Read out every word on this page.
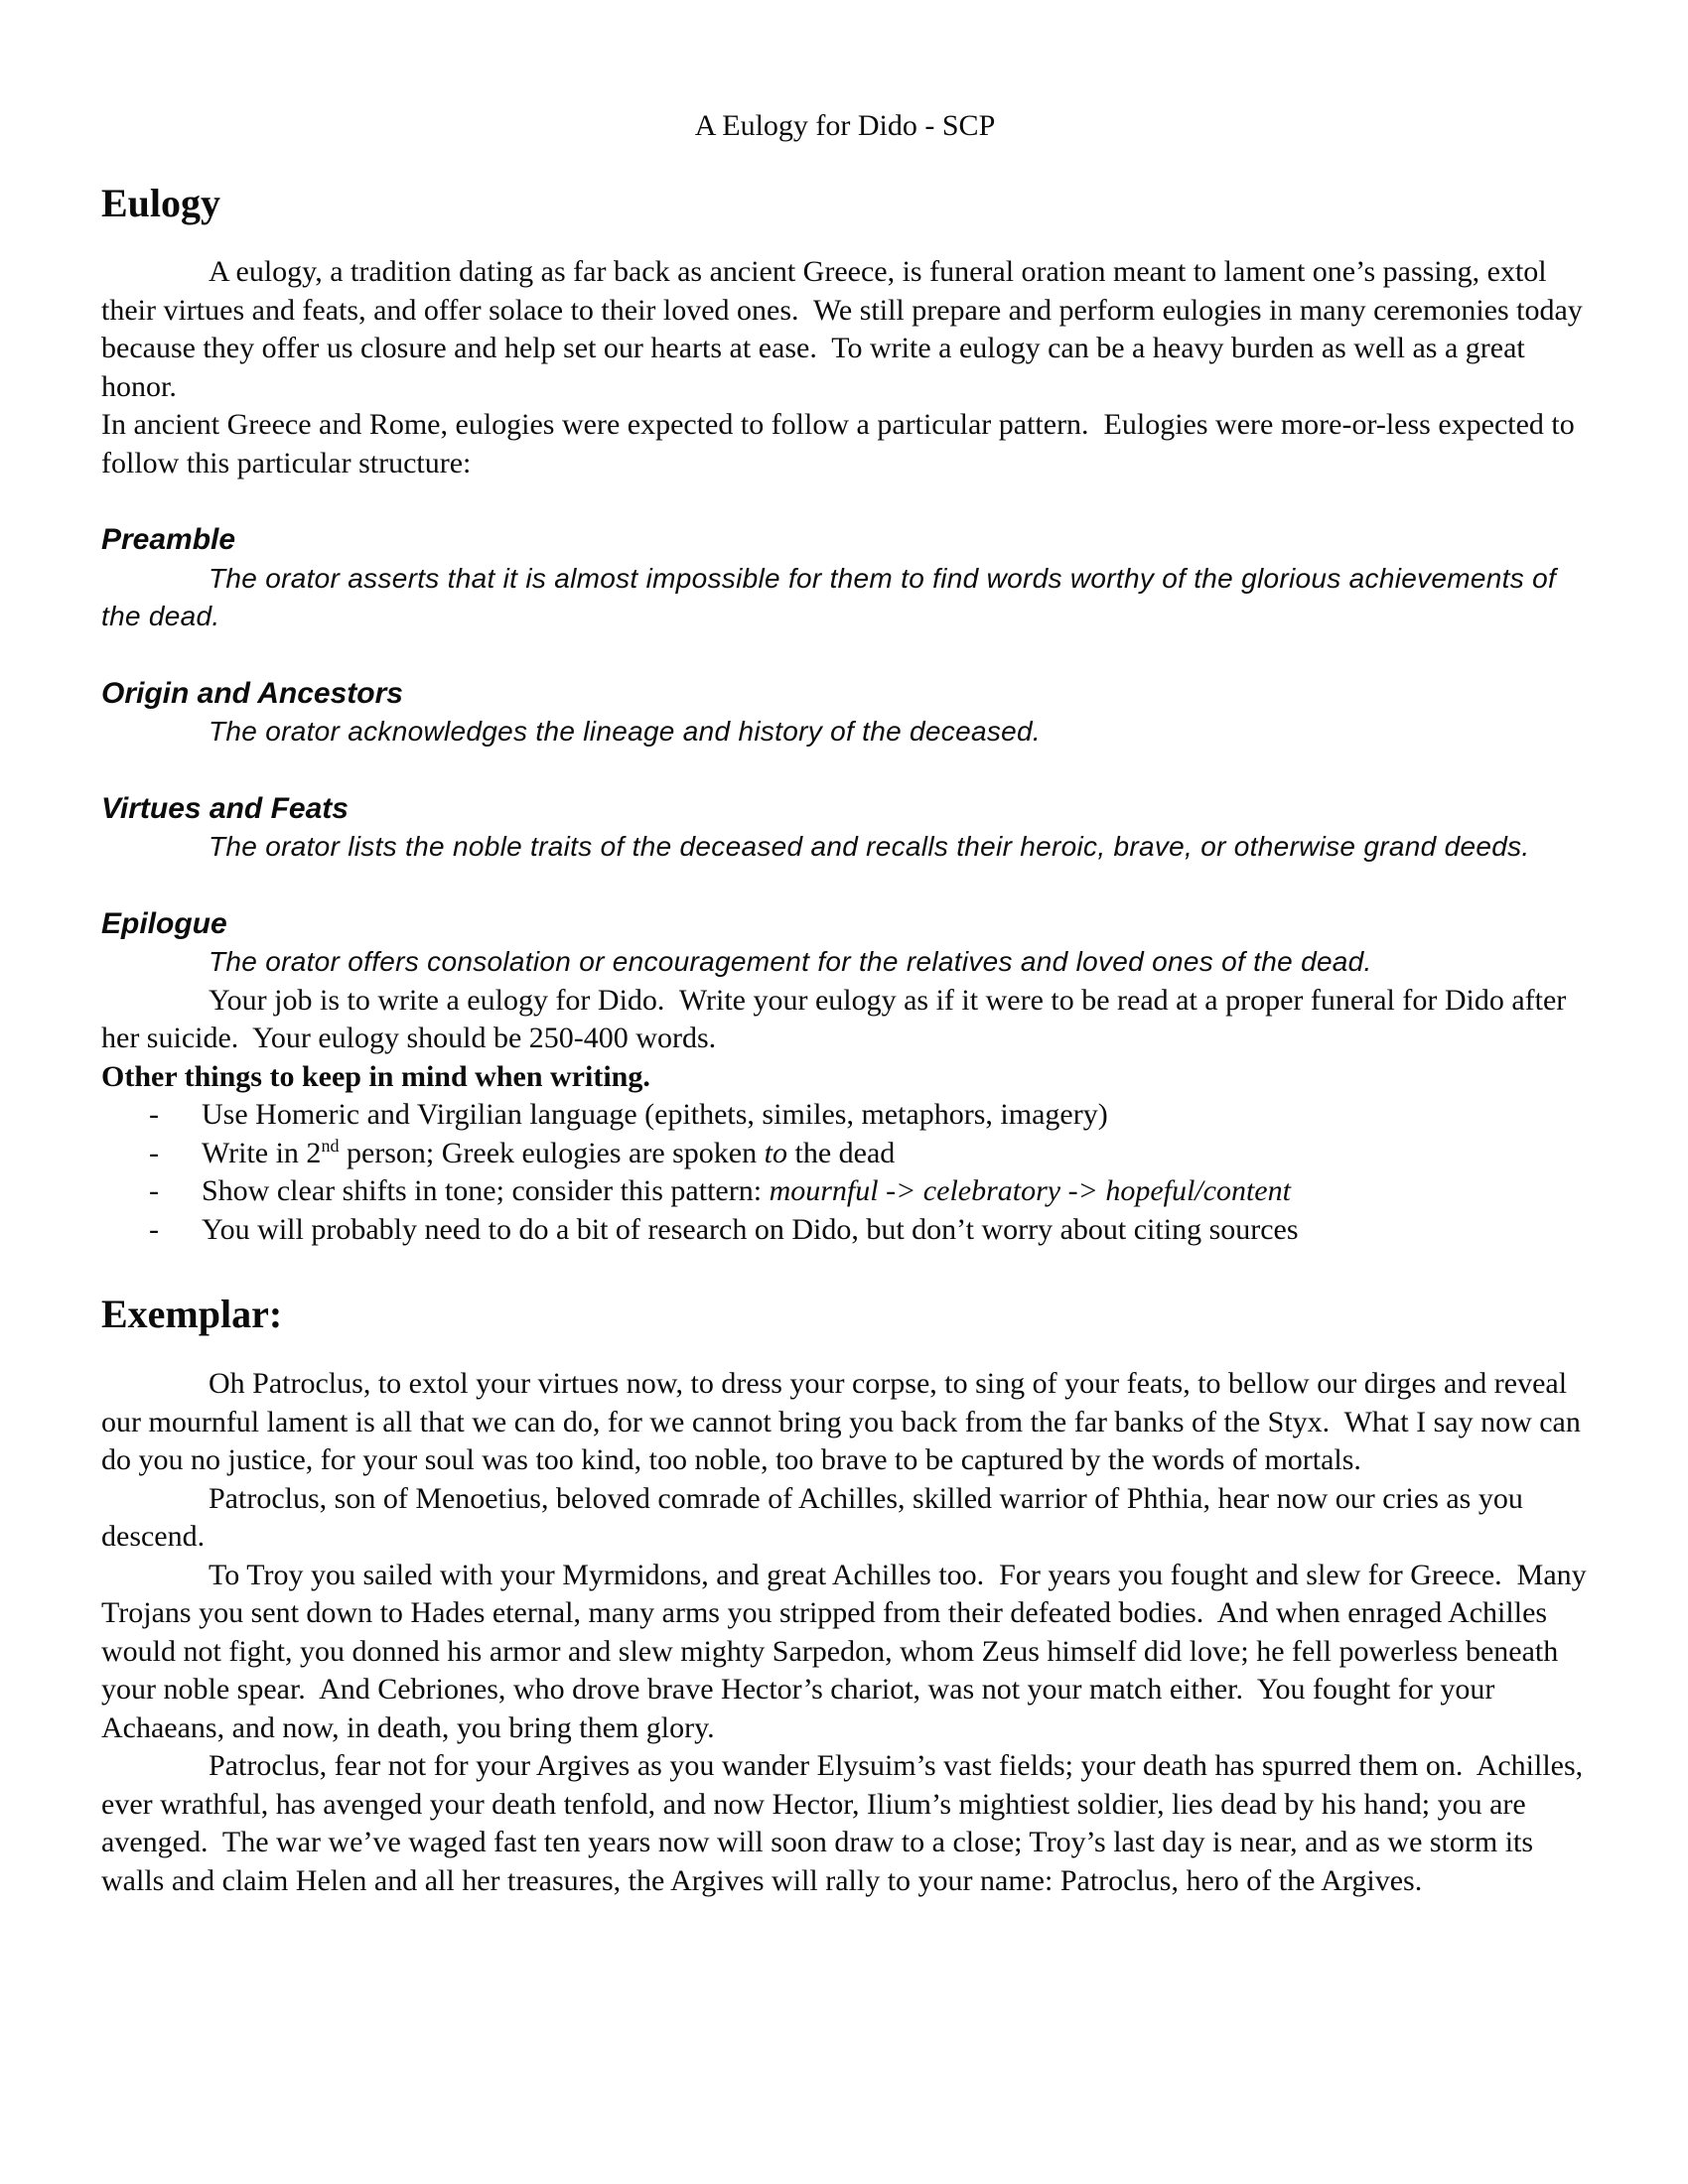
A Eulogy for Dido - SCP

Eulogy

A eulogy, a tradition dating as far back as ancient Greece, is funeral oration meant to lament one’s passing, extol their virtues and feats, and offer solace to their loved ones.  We still prepare and perform eulogies in many ceremonies today because they offer us closure and help set our hearts at ease.  To write a eulogy can be a heavy burden as well as a great honor.

In ancient Greece and Rome, eulogies were expected to follow a particular pattern.  Eulogies were more-or-less expected to follow this particular structure:

Preamble

The orator asserts that it is almost impossible for them to find words worthy of the glorious achievements of the dead.

Origin and Ancestors

The orator acknowledges the lineage and history of the deceased.

Virtues and Feats

The orator lists the noble traits of the deceased and recalls their heroic, brave, or otherwise grand deeds.

Epilogue

The orator offers consolation or encouragement for the relatives and loved ones of the dead.

Your job is to write a eulogy for Dido.  Write your eulogy as if it were to be read at a proper funeral for Dido after her suicide.  Your eulogy should be 250-400 words.

Other things to keep in mind when writing.

- Use Homeric and Virgilian language (epithets, similes, metaphors, imagery)
- Write in 2nd person; Greek eulogies are spoken to the dead
- Show clear shifts in tone; consider this pattern: mournful -> celebratory -> hopeful/content
- You will probably need to do a bit of research on Dido, but don’t worry about citing sources
Exemplar:

Oh Patroclus, to extol your virtues now, to dress your corpse, to sing of your feats, to bellow our dirges and reveal our mournful lament is all that we can do, for we cannot bring you back from the far banks of the Styx.  What I say now can do you no justice, for your soul was too kind, too noble, too brave to be captured by the words of mortals.

Patroclus, son of Menoetius, beloved comrade of Achilles, skilled warrior of Phthia, hear now our cries as you descend.

To Troy you sailed with your Myrmidons, and great Achilles too.  For years you fought and slew for Greece.  Many Trojans you sent down to Hades eternal, many arms you stripped from their defeated bodies.  And when enraged Achilles would not fight, you donned his armor and slew mighty Sarpedon, whom Zeus himself did love; he fell powerless beneath your noble spear.  And Cebriones, who drove brave Hector’s chariot, was not your match either.  You fought for your Achaeans, and now, in death, you bring them glory.

Patroclus, fear not for your Argives as you wander Elysuim’s vast fields; your death has spurred them on.  Achilles, ever wrathful, has avenged your death tenfold, and now Hector, Ilium’s mightiest soldier, lies dead by his hand; you are avenged.  The war we’ve waged fast ten years now will soon draw to a close; Troy’s last day is near, and as we storm its walls and claim Helen and all her treasures, the Argives will rally to your name: Patroclus, hero of the Argives.
